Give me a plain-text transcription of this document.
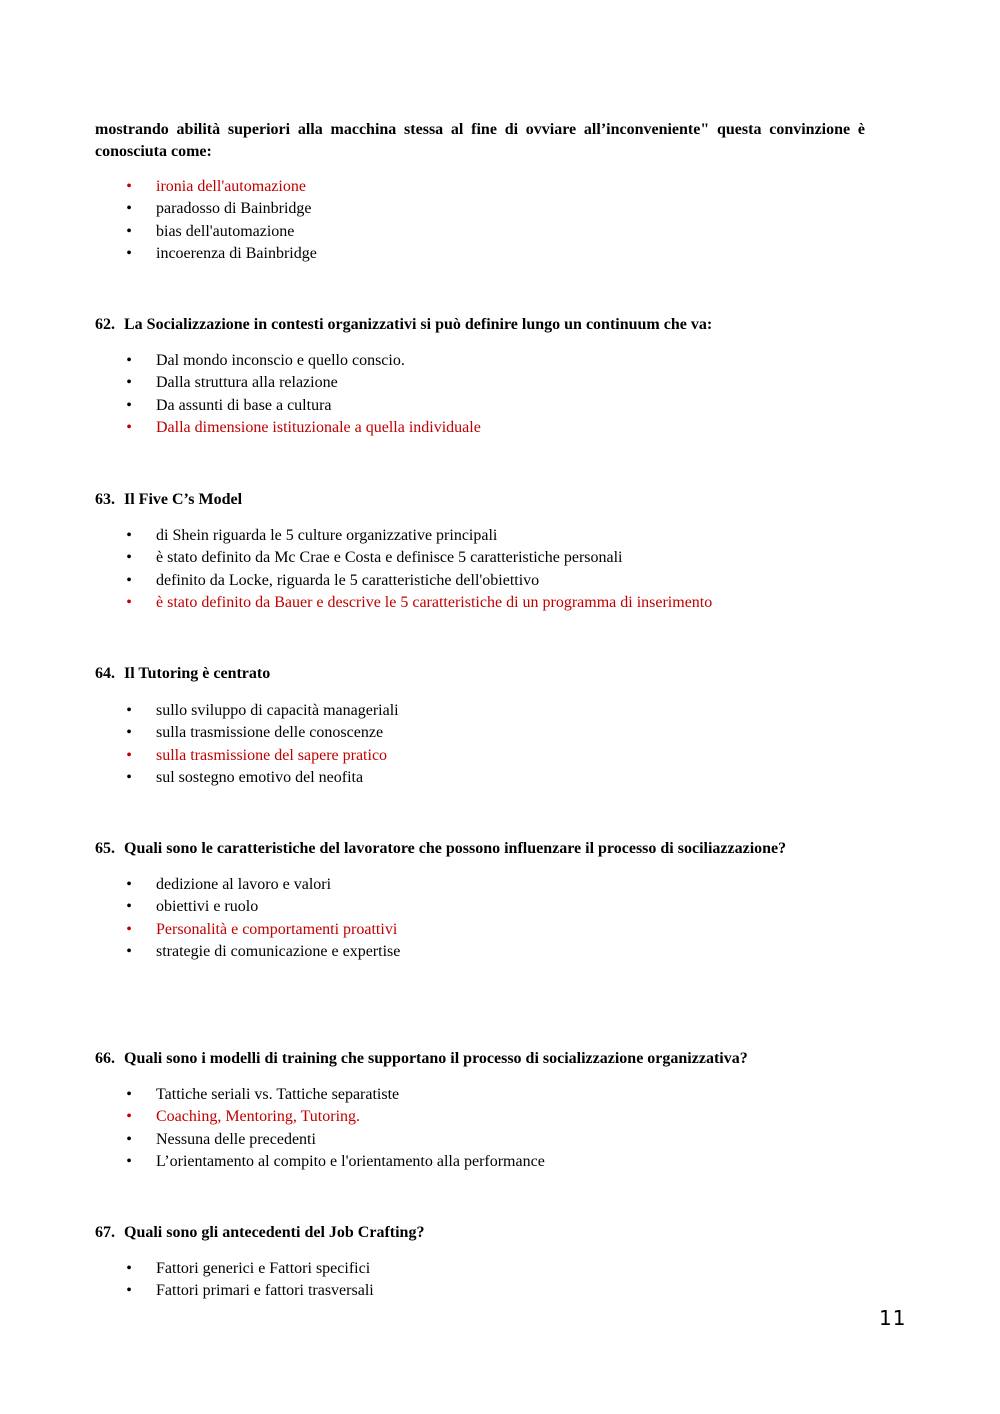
mostrando abilità superiori alla macchina stessa al fine di ovviare all’inconveniente" questa convinzione è conosciuta come:
• ironia dell'automazione
• paradosso di Bainbridge
• bias dell'automazione
• incoerenza di Bainbridge
62. La Socializzazione in contesti organizzativi si può definire lungo un continuum che va:
• Dal mondo inconscio e quello conscio.
• Dalla struttura alla relazione
• Da assunti di base a cultura
• Dalla dimensione istituzionale a quella individuale
63. Il Five C’s Model
• di Shein riguarda le 5 culture organizzative principali
• è stato definito da Mc Crae e Costa e definisce 5 caratteristiche personali
• definito da Locke, riguarda le 5 caratteristiche dell'obiettivo
• è stato definito da Bauer e descrive le 5 caratteristiche di un programma di inserimento
64. Il Tutoring è centrato
• sullo sviluppo di capacità manageriali
• sulla trasmissione delle conoscenze
• sulla trasmissione del sapere pratico
• sul sostegno emotivo del neofita
65. Quali sono le caratteristiche del lavoratore che possono influenzare il processo di sociliazzazione?
• dedizione al lavoro e valori
• obiettivi e ruolo
• Personalità e comportamenti proattivi
• strategie di comunicazione e expertise
66. Quali sono i modelli di training che supportano il processo di socializzazione organizzativa?
• Tattiche seriali vs. Tattiche separatiste
• Coaching, Mentoring, Tutoring.
• Nessuna delle precedenti
• L’orientamento al compito e l'orientamento alla performance
67. Quali sono gli antecedenti del Job Crafting?
• Fattori generici e Fattori specifici
• Fattori primari e fattori trasversali
11
